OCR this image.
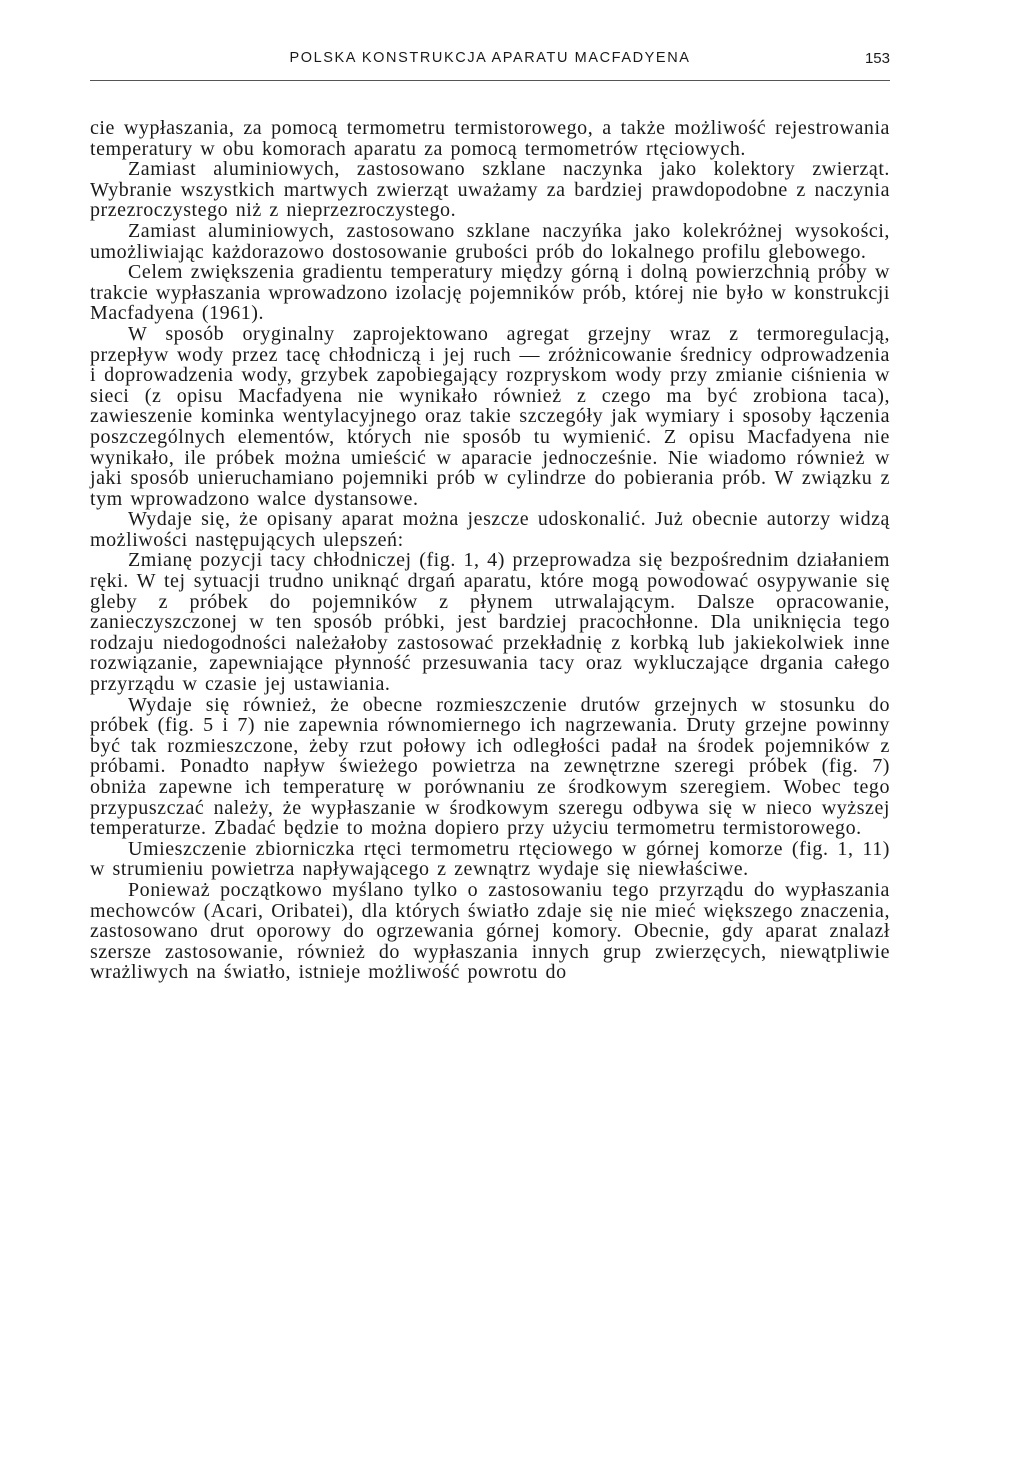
POLSKA KONSTRUKCJA APARATU MACFADYENA	153

cie wypłaszania, za pomocą termometru termistorowego, a także możliwość rejestrowania temperatury w obu komorach aparatu za pomocą termometrów rtęciowych.

Zamiast aluminiowych, zastosowano szklane naczynka jako kolektory zwierząt. Wybranie wszystkich martwych zwierząt uważamy za bardziej prawdopodobne z naczynia przezroczystego niż z nieprzezroczystego.

Zamiast aluminiowych, zastosowano szklane naczyńka jako kolekróżnej wysokości, umożliwiając każdorazowo dostosowanie grubości prób do lokalnego profilu glebowego.

Celem zwiększenia gradientu temperatury między górną i dolną powierzchnią próby w trakcie wypłaszania wprowadzono izolację pojemników prób, której nie było w konstrukcji Macfadyena (1961).

W sposób oryginalny zaprojektowano agregat grzejny wraz z termoregulacją, przepływ wody przez tacę chłodniczą i jej ruch — zróżnicowanie średnicy odprowadzenia i doprowadzenia wody, grzybek zapobiegający rozpryskom wody przy zmianie ciśnienia w sieci (z opisu Macfadyena nie wynikało również z czego ma być zrobiona taca), zawieszenie kominka wentylacyjnego oraz takie szczegóły jak wymiary i sposoby łączenia poszczególnych elementów, których nie sposób tu wymienić. Z opisu Macfadyena nie wynikało, ile próbek można umieścić w aparacie jednocześnie. Nie wiadomo również w jaki sposób unieruchamiano pojemniki prób w cylindrze do pobierania prób. W związku z tym wprowadzono walce dystansowe.

Wydaje się, że opisany aparat można jeszcze udoskonalić. Już obecnie autorzy widzą możliwości następujących ulepszeń:

Zmianę pozycji tacy chłodniczej (fig. 1, 4) przeprowadza się bezpośrednim działaniem ręki. W tej sytuacji trudno uniknąć drgań aparatu, które mogą powodować osypywanie się gleby z próbek do pojemników z płynem utrwalającym. Dalsze opracowanie, zanieczyszczonej w ten sposób próbki, jest bardziej pracochłonne. Dla uniknięcia tego rodzaju niedogodności należałoby zastosować przekładnię z korbką lub jakiekolwiek inne rozwiązanie, zapewniające płynność przesuwania tacy oraz wykluczające drgania całego przyrządu w czasie jej ustawiania.

Wydaje się również, że obecne rozmieszczenie drutów grzejnych w stosunku do próbek (fig. 5 i 7) nie zapewnia równomiernego ich nagrzewania. Druty grzejne powinny być tak rozmieszczone, żeby rzut połowy ich odległości padał na środek pojemników z próbami. Ponadto napływ świeżego powietrza na zewnętrzne szeregi próbek (fig. 7) obniża zapewne ich temperaturę w porównaniu ze środkowym szeregiem. Wobec tego przypuszczać należy, że wypłaszanie w środkowym szeregu odbywa się w nieco wyższej temperaturze. Zbadać będzie to można dopiero przy użyciu termometru termistorowego.

Umieszczenie zbiorniczka rtęci termometru rtęciowego w górnej komorze (fig. 1, 11) w strumieniu powietrza napływającego z zewnątrz wydaje się niewłaściwe.

Ponieważ początkowo myślano tylko o zastosowaniu tego przyrządu do wypłaszania mechowców (Acari, Oribatei), dla których światło zdaje się nie mieć większego znaczenia, zastosowano drut oporowy do ogrzewania górnej komory. Obecnie, gdy aparat znalazł szersze zastosowanie, również do wypłaszania innych grup zwierzęcych, niewątpliwie wrażliwych na światło, istnieje możliwość powrotu do
